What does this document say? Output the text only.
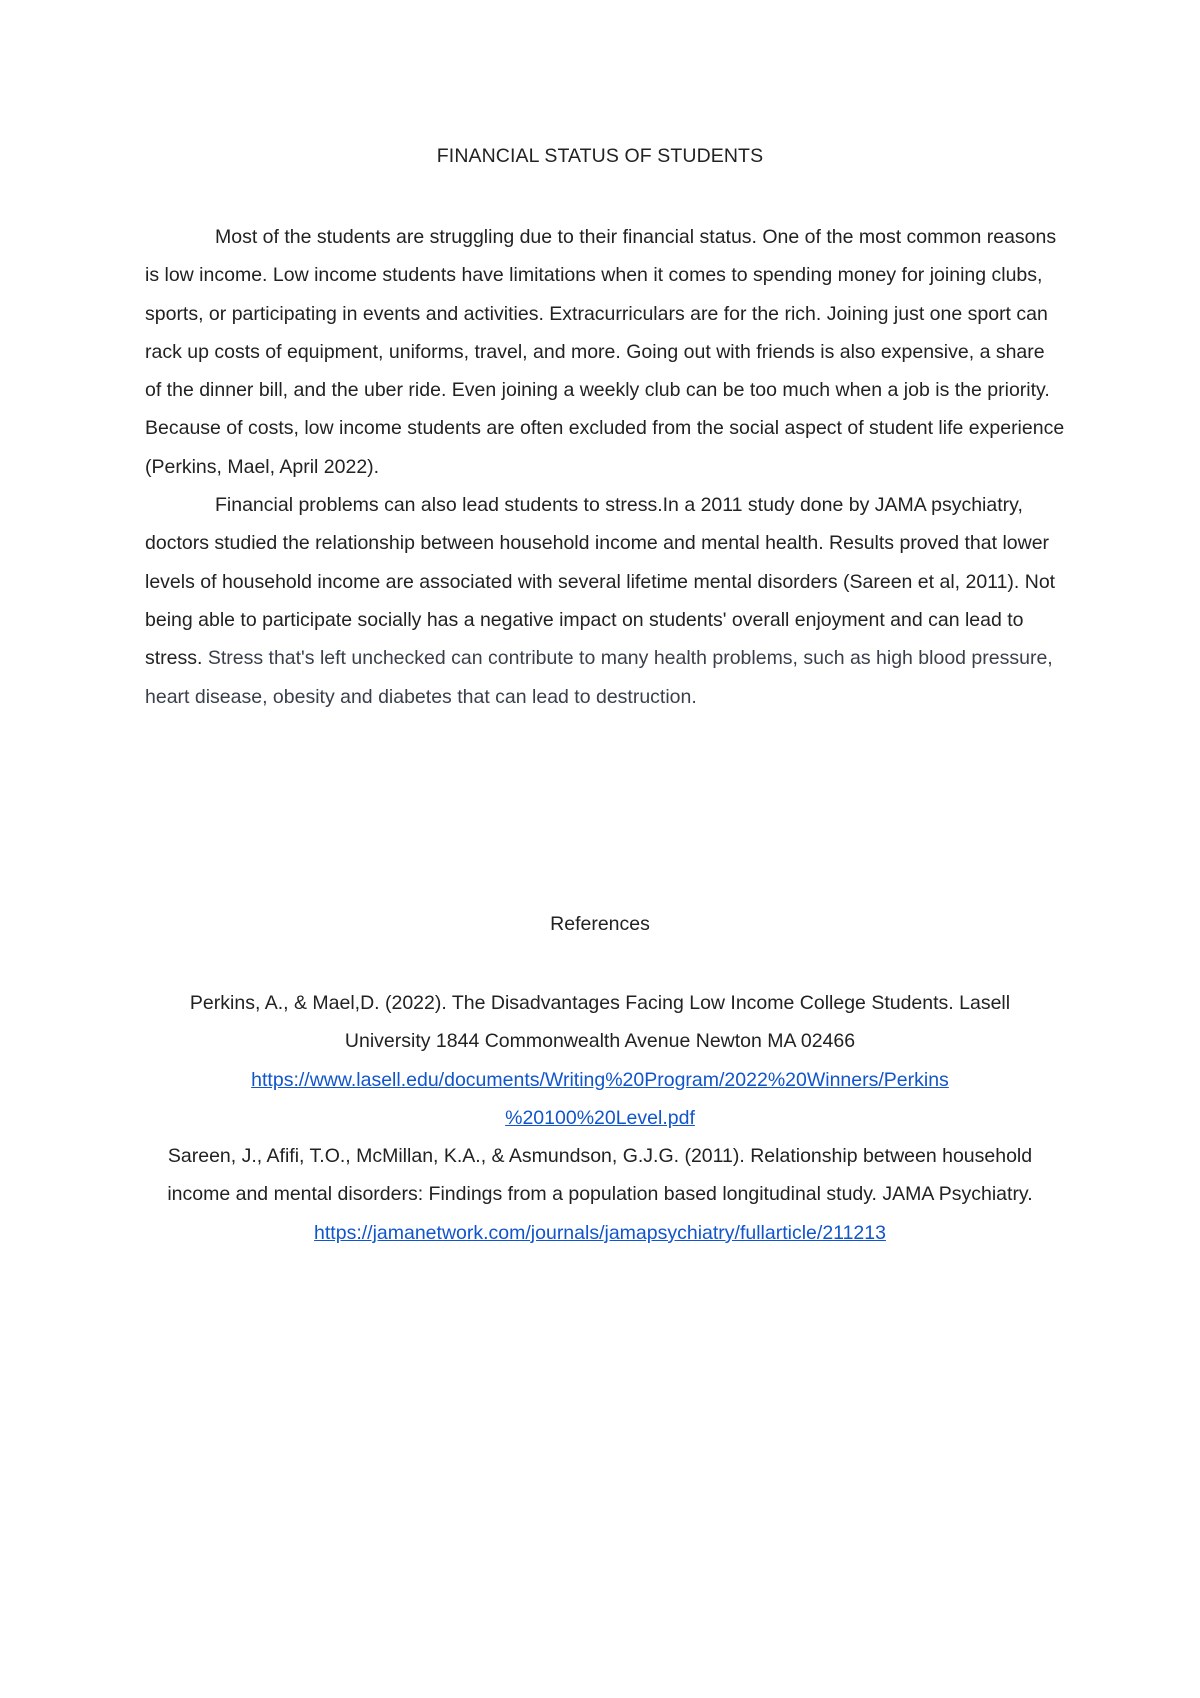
FINANCIAL STATUS OF STUDENTS

Most of the students are struggling due to their financial status. One of the most common reasons is low income. Low income students have limitations when it comes to spending money for joining clubs, sports, or participating in events and activities. Extracurriculars are for the rich. Joining just one sport can rack up costs of equipment, uniforms, travel, and more. Going out with friends is also expensive, a share of the dinner bill, and the uber ride. Even joining a weekly club can be too much when a job is the priority. Because of costs, low income students are often excluded from the social aspect of student life experience (Perkins, Mael, April 2022).

Financial problems can also lead students to stress.In a 2011 study done by JAMA psychiatry, doctors studied the relationship between household income and mental health. Results proved that lower levels of household income are associated with several lifetime mental disorders (Sareen et al, 2011). Not being able to participate socially has a negative impact on students' overall enjoyment and can lead to stress. Stress that's left unchecked can contribute to many health problems, such as high blood pressure, heart disease, obesity and diabetes that can lead to destruction.

References

Perkins, A., & Mael,D. (2022). The Disadvantages Facing Low Income College Students. Lasell University 1844 Commonwealth Avenue Newton MA 02466
https://www.lasell.edu/documents/Writing%20Program/2022%20Winners/Perkins
%20100%20Level.pdf

Sareen, J., Afifi, T.O., McMillan, K.A., & Asmundson, G.J.G. (2011). Relationship between household income and mental disorders: Findings from a population based longitudinal study. JAMA Psychiatry.
https://jamanetwork.com/journals/jamapsychiatry/fullarticle/211213
